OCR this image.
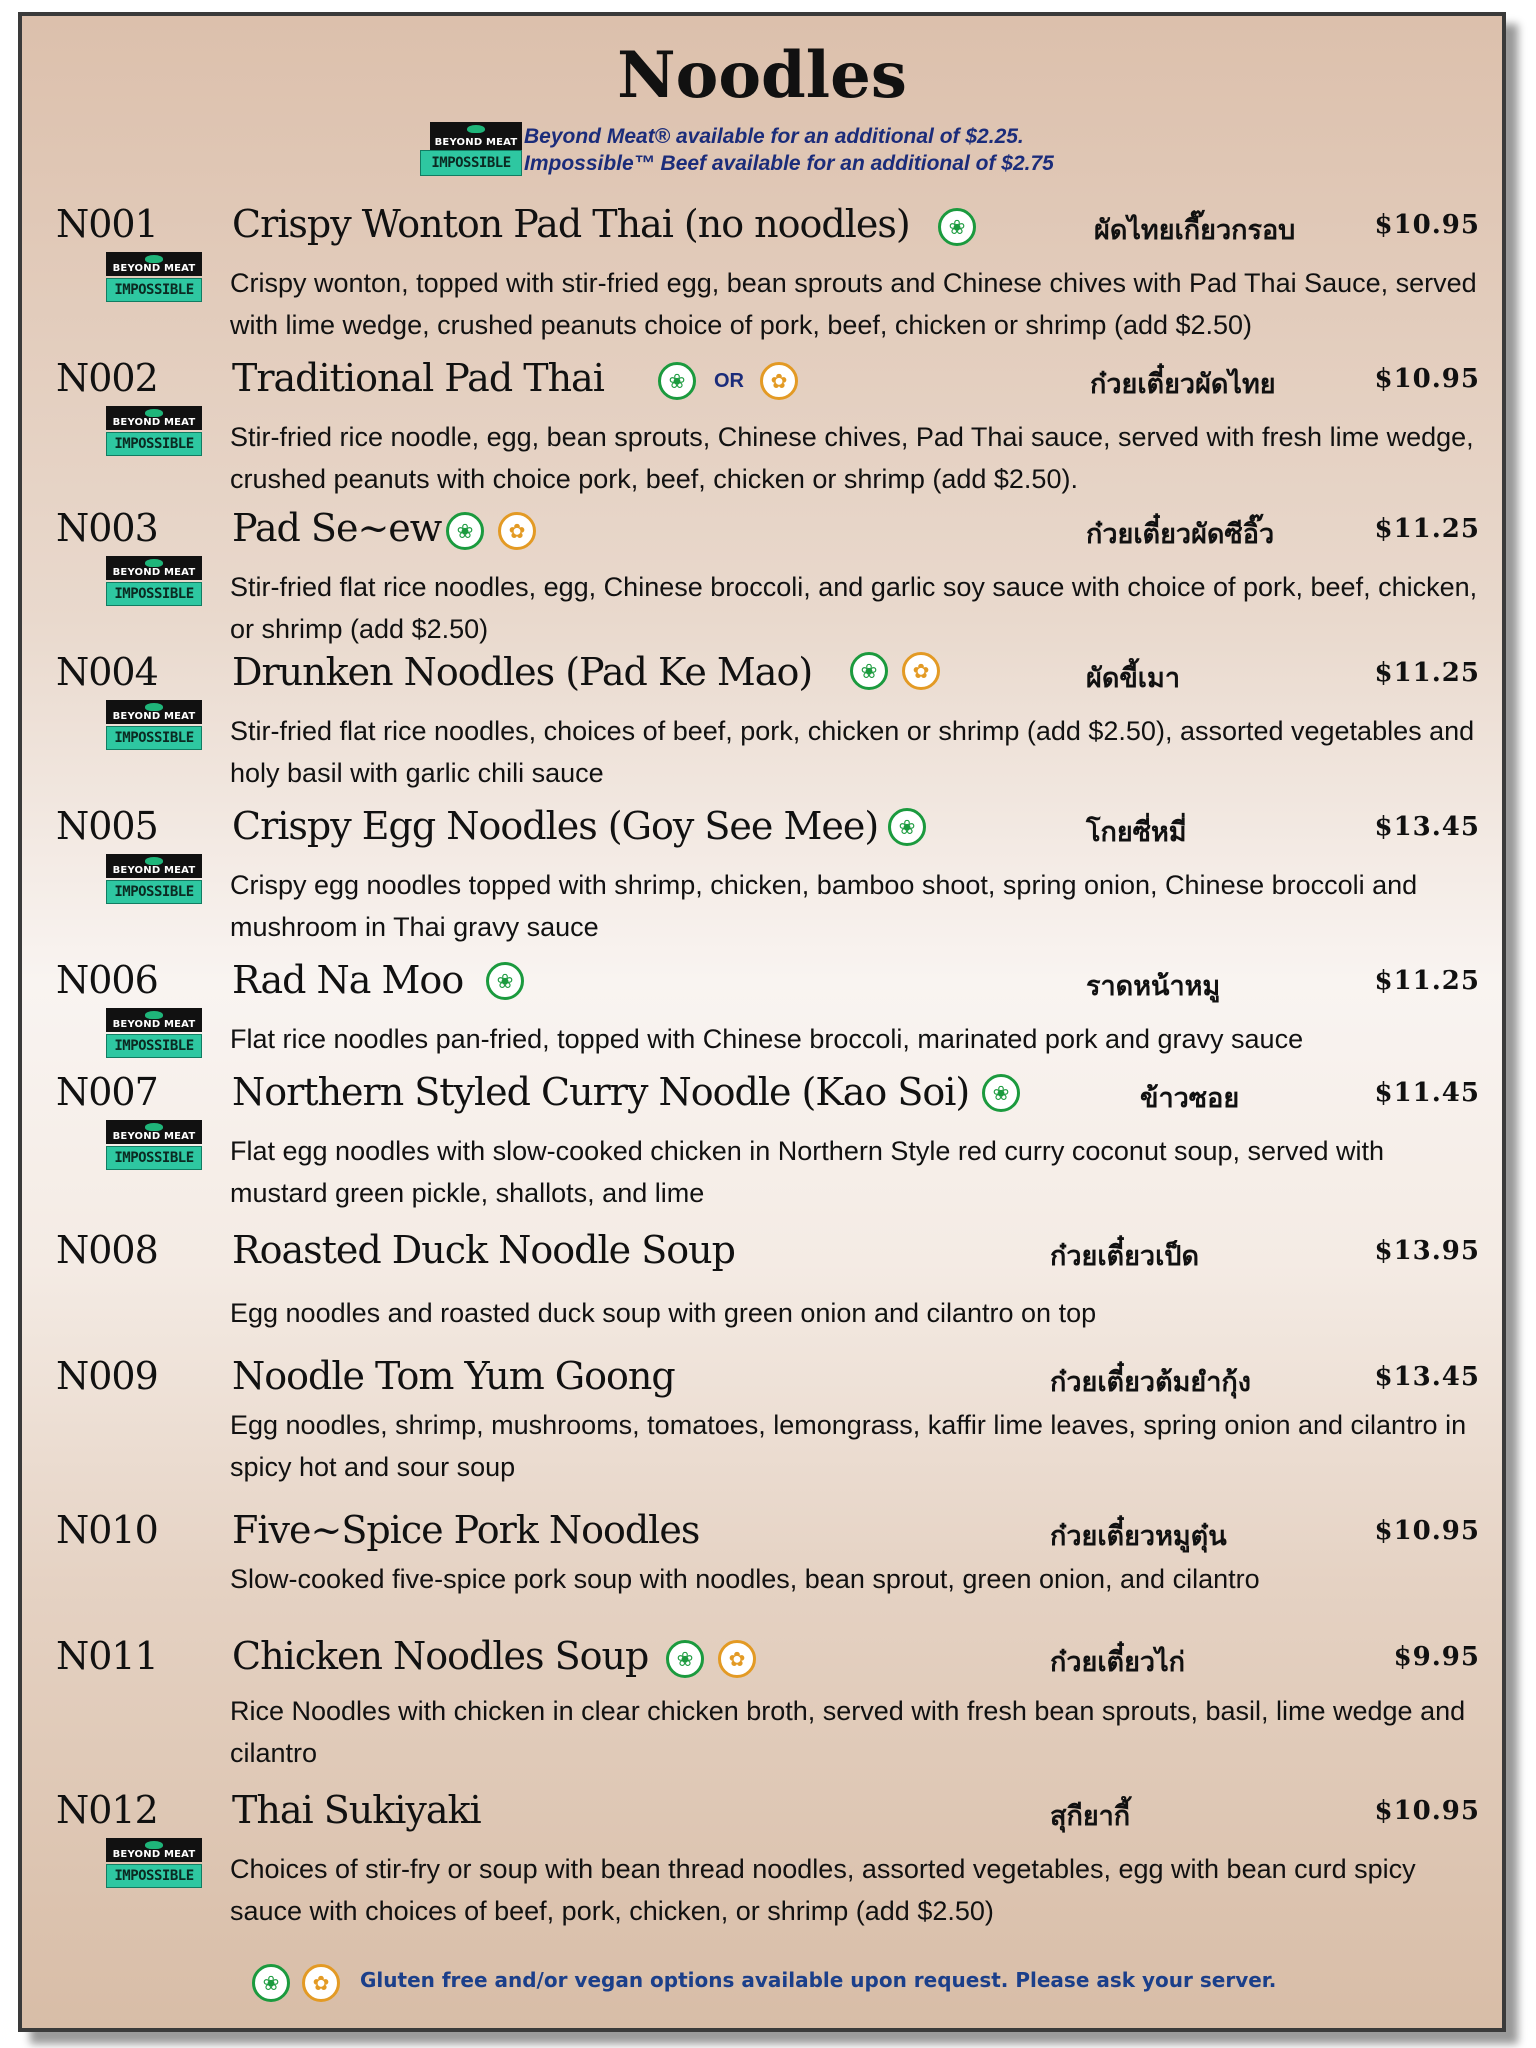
Noodles
BEYOND MEAT Beyond Meat® available for an additional of $2.25.
IMPOSSIBLE Impossible™ Beef available for an additional of $2.75
N001 Crispy Wonton Pad Thai (no noodles)	❀	ผัดไทยเกี๊ยวกรอบ	$10.95
BEYOND MEAT
IMPOSSIBLE	Crispy wonton, topped with stir-fried egg, bean sprouts and Chinese chives with Pad Thai Sauce, served with lime wedge, crushed peanuts choice of pork, beef, chicken or shrimp (add $2.50)

N002 Traditional Pad Thai	❀	OR	✿	ก๋วยเตี๋ยวผัดไทย	$10.95
BEYOND MEAT
IMPOSSIBLE	Stir-fried rice noodle, egg, bean sprouts, Chinese chives, Pad Thai sauce, served with fresh lime wedge, crushed peanuts with choice pork, beef, chicken or shrimp (add $2.50).

N003 Pad Se~ew ❀	✿	ก๋วยเตี๋ยวผัดซีอิ๊ว	$11.25
BEYOND MEAT
IMPOSSIBLE	Stir-fried flat rice noodles, egg, Chinese broccoli, and garlic soy sauce with choice of pork, beef, chicken, or shrimp (add $2.50)

N004 Drunken Noodles (Pad Ke Mao)	❀	✿	ผัดขี้เมา	$11.25
BEYOND MEAT
IMPOSSIBLE	Stir-fried flat rice noodles, choices of beef, pork, chicken or shrimp (add $2.50), assorted vegetables and holy basil with garlic chili sauce

N005 Crispy Egg Noodles (Goy See Mee)	❀	โกยซี่หมี่	$13.45
BEYOND MEAT
IMPOSSIBLE	Crispy egg noodles topped with shrimp, chicken, bamboo shoot, spring onion, Chinese broccoli and mushroom in Thai gravy sauce

N006 Rad Na Moo	❀	ราดหน้าหมู	$11.25
BEYOND MEAT
IMPOSSIBLE	Flat rice noodles pan-fried, topped with Chinese broccoli, marinated pork and gravy sauce

N007 Northern Styled Curry Noodle (Kao Soi)	❀	ข้าวซอย	$11.45
BEYOND MEAT
IMPOSSIBLE	Flat egg noodles with slow-cooked chicken in Northern Style red curry coconut soup, served with mustard green pickle, shallots, and lime

N008 Roasted Duck Noodle Soup	ก๋วยเตี๋ยวเป็ด	$13.95

Egg noodles and roasted duck soup with green onion and cilantro on top

N009 Noodle Tom Yum Goong	ก๋วยเตี๋ยวต้มยำกุ้ง	$13.45

Egg noodles, shrimp, mushrooms, tomatoes, lemongrass, kaffir lime leaves, spring onion and cilantro in spicy hot and sour soup

N010 Five~Spice Pork Noodles	ก๋วยเตี๋ยวหมูตุ๋น	$10.95

Slow-cooked five-spice pork soup with noodles, bean sprout, green onion, and cilantro

N011 Chicken Noodles Soup	❀	✿	ก๋วยเตี๋ยวไก่	$9.95

Rice Noodles with chicken in clear chicken broth, served with fresh bean sprouts, basil, lime wedge and cilantro

N012 Thai Sukiyaki	สุกียากี้	$10.95
BEYOND MEAT
IMPOSSIBLE	Choices of stir-fry or soup with bean thread noodles, assorted vegetables, egg with bean curd spicy sauce with choices of beef, pork, chicken, or shrimp (add $2.50)

❀	✿	Gluten free and/or vegan options available upon request. Please ask your server.
